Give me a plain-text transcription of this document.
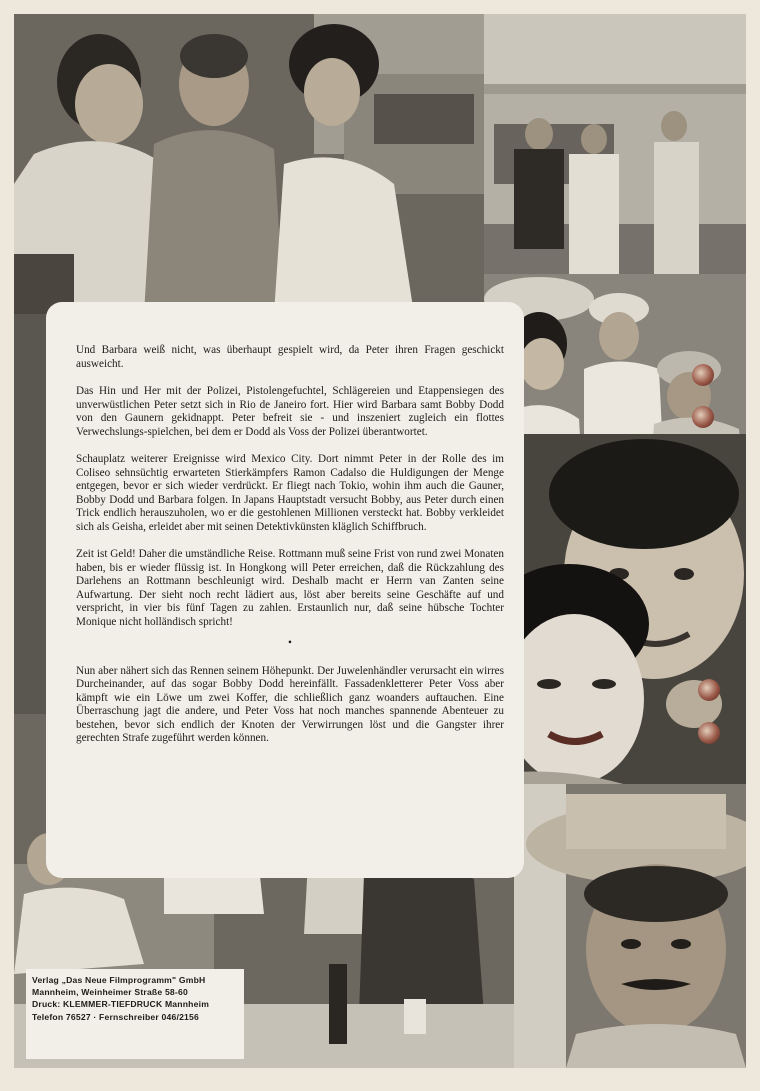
Und Barbara weiß nicht, was überhaupt gespielt wird, da Peter ihren Fragen geschickt ausweicht.

Das Hin und Her mit der Polizei, Pistolengefuchtel, Schlägereien und Etappensiegen des unverwüstlichen Peter setzt sich in Rio de Janeiro fort. Hier wird Barbara samt Bobby Dodd von den Gaunern gekidnappt. Peter befreit sie - und inszeniert zugleich ein flottes Verwechslungs-spielchen, bei dem er Dodd als Voss der Polizei überantwortet.

Schauplatz weiterer Ereignisse wird Mexico City. Dort nimmt Peter in der Rolle des im Coliseo sehnsüchtig erwarteten Stierkämpfers Ramon Cadalso die Huldigungen der Menge entgegen, bevor er sich wieder verdrückt. Er fliegt nach Tokio, wohin ihm auch die Gauner, Bobby Dodd und Barbara folgen. In Japans Hauptstadt versucht Bobby, aus Peter durch einen Trick endlich herauszuholen, wo er die gestohlenen Millionen versteckt hat. Bobby verkleidet sich als Geisha, erleidet aber mit seinen Detektivkünsten kläglich Schiffbruch.

Zeit ist Geld! Daher die umständliche Reise. Rottmann muß seine Frist von rund zwei Monaten haben, bis er wieder flüssig ist. In Hongkong will Peter erreichen, daß die Rückzahlung des Darlehens an Rottmann beschleunigt wird. Deshalb macht er Herrn van Zanten seine Aufwartung. Der sieht noch recht lädiert aus, löst aber bereits seine Geschäfte auf und verspricht, in vier bis fünf Tagen zu zahlen. Erstaunlich nur, daß seine hübsche Tochter Monique nicht holländisch spricht!

•

Nun aber nähert sich das Rennen seinem Höhepunkt. Der Juwelenhändler verursacht ein wirres Durcheinander, auf das sogar Bobby Dodd hereinfällt. Fassadenkletterer Peter Voss aber kämpft wie ein Löwe um zwei Koffer, die schließlich ganz woanders auftauchen. Eine Überraschung jagt die andere, und Peter Voss hat noch manches spannende Abenteuer zu bestehen, bevor sich endlich der Knoten der Verwirrungen löst und die Gangster ihrer gerechten Strafe zugeführt werden können.

Verlag „Das Neue Filmprogramm" GmbH
Mannheim, Weinheimer Straße 58-60
Druck: KLEMMER-TIEFDRUCK Mannheim
Telefon 76527 · Fernschreiber 046/2156
